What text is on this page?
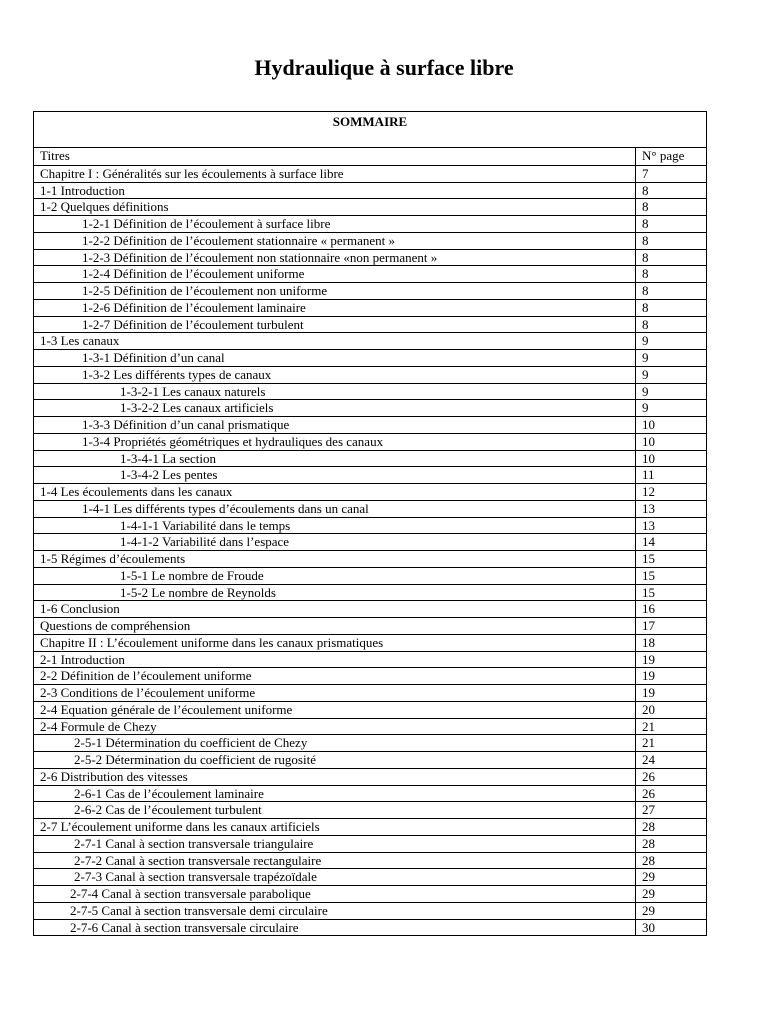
Hydraulique à surface libre
SOMMAIRE
Titres	N° page
Chapitre I : Généralités sur les écoulements à surface libre	7
1-1 Introduction	8
1-2 Quelques définitions	8
1-2-1 Définition de l’écoulement à surface libre	8
1-2-2 Définition de l’écoulement stationnaire « permanent »	8
1-2-3 Définition de l’écoulement non stationnaire «non permanent »	8
1-2-4 Définition de l’écoulement uniforme	8
1-2-5 Définition de l’écoulement non uniforme	8
1-2-6 Définition de l’écoulement laminaire	8
1-2-7 Définition de l’écoulement turbulent	8
1-3 Les canaux	9
1-3-1 Définition d’un canal	9
1-3-2 Les différents types de canaux	9
1-3-2-1 Les canaux naturels	9
1-3-2-2 Les canaux artificiels	9
1-3-3 Définition d’un canal prismatique	10
1-3-4 Propriétés géométriques et hydrauliques des canaux	10
1-3-4-1 La section	10
1-3-4-2 Les pentes	11
1-4 Les écoulements dans les canaux	12
1-4-1 Les différents types d’écoulements dans un canal	13
1-4-1-1 Variabilité dans le temps	13
1-4-1-2 Variabilité dans l’espace	14
1-5 Régimes d’écoulements	15
1-5-1 Le nombre de Froude	15
1-5-2 Le nombre de Reynolds	15
1-6 Conclusion	16
Questions de compréhension	17
Chapitre II : L’écoulement uniforme dans les canaux prismatiques	18
2-1 Introduction	19
2-2 Définition de l’écoulement uniforme	19
2-3 Conditions de l’écoulement uniforme	19
2-4 Equation générale de l’écoulement uniforme	20
2-4 Formule de Chezy	21
2-5-1 Détermination du coefficient de Chezy	21
2-5-2 Détermination du coefficient de rugosité	24
2-6 Distribution des vitesses	26
2-6-1 Cas de l’écoulement laminaire	26
2-6-2 Cas de l’écoulement turbulent	27
2-7 L’écoulement uniforme dans les canaux artificiels	28
2-7-1 Canal à section transversale triangulaire	28
2-7-2 Canal à section transversale rectangulaire	28
2-7-3 Canal à section transversale trapézoïdale	29
2-7-4 Canal à section transversale parabolique	29
2-7-5 Canal à section transversale demi circulaire	29
2-7-6 Canal à section transversale circulaire	30
